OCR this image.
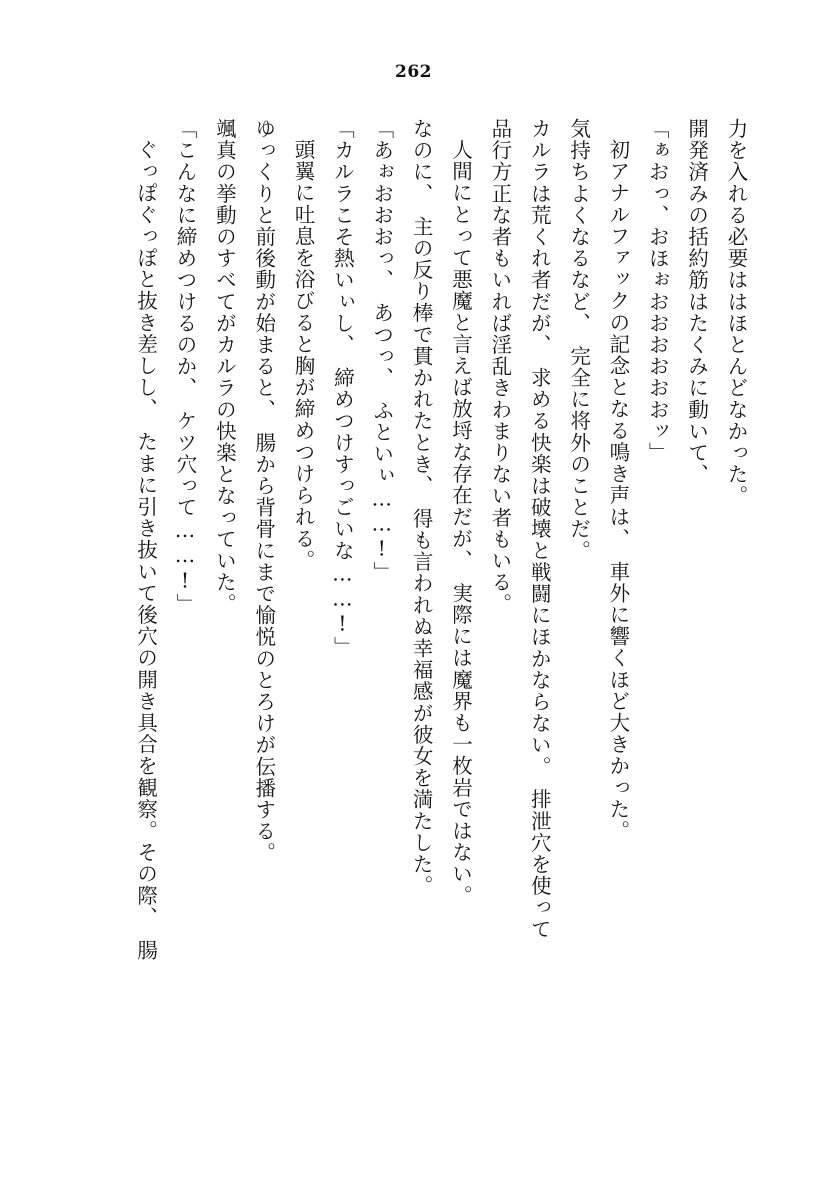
262

力を入れる必要ははほとんどなかった。

開発済みの括約筋はたくみに動いて、

「ぁおっ、おほぉおおおおおおッ」

初アナルファックの記念となる鳴き声は、　車外に響くほど大きかった。

気持ちよくなるなど、　完全に将外のことだ。

カルラは荒くれ者だが、　求める快楽は破壊と戦闘にほかならない。　排泄穴を使って

品行方正な者もいれば淫乱きわまりない者もいる。

人間にとって悪魔と言えば放埒な存在だが、　実際には魔界も一枚岩ではない。

なのに、　主の反り棒で貫かれたとき、　得も言われぬ幸福感が彼女を満たした。

「あぉおおおっ、　あつっ、　ふといぃ……!」

「カルラこそ熱いぃし、　締めつけすっごいな……!」

頭翼に吐息を浴びると胸が締めつけられる。

ゆっくりと前後動が始まると、　腸から背骨にまで愉悦のとろけが伝播する。

颯真の挙動のすべてがカルラの快楽となっていた。

「こんなに締めつけるのか、　ケツ穴って……!」

ぐっぽぐっぽと抜き差しし、　たまに引き抜いて後穴の開き具合を観察。その際、　腸
